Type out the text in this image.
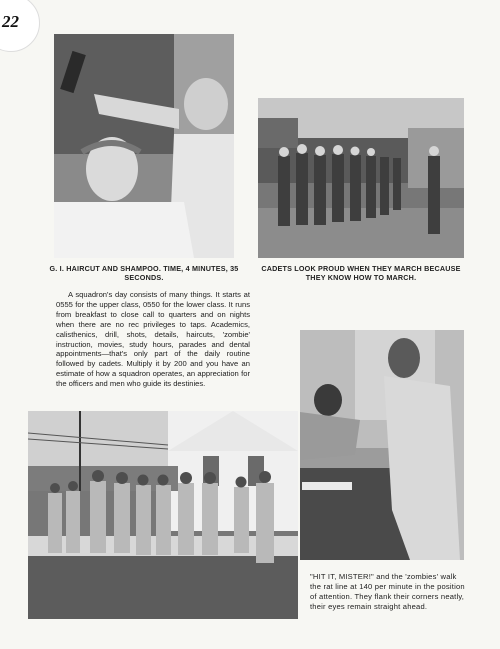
22
G. I. HAIRCUT AND SHAMPOO. TIME, 4 MINUTES, 35 SECONDS.
CADETS LOOK PROUD WHEN THEY MARCH BECAUSE THEY KNOW HOW TO MARCH.

A squadron's day consists of many things. It starts at 0555 for the upper class, 0550 for the lower class. It runs from breakfast to close call to quarters and on nights when there are no rec privileges to taps. Academics, calisthenics, drill, shots, details, haircuts, 'zombie' instruction, movies, study hours, parades and dental appointments—that's only part of the daily routine followed by cadets. Multiply it by 200 and you have an estimate of how a squadron operates, an appreciation for the officers and men who guide its destinies.

"HIT IT, MISTER!" and the 'zombies' walk the rat line at 140 per minute in the position of attention. They flank their corners neatly, their eyes remain straight ahead.
